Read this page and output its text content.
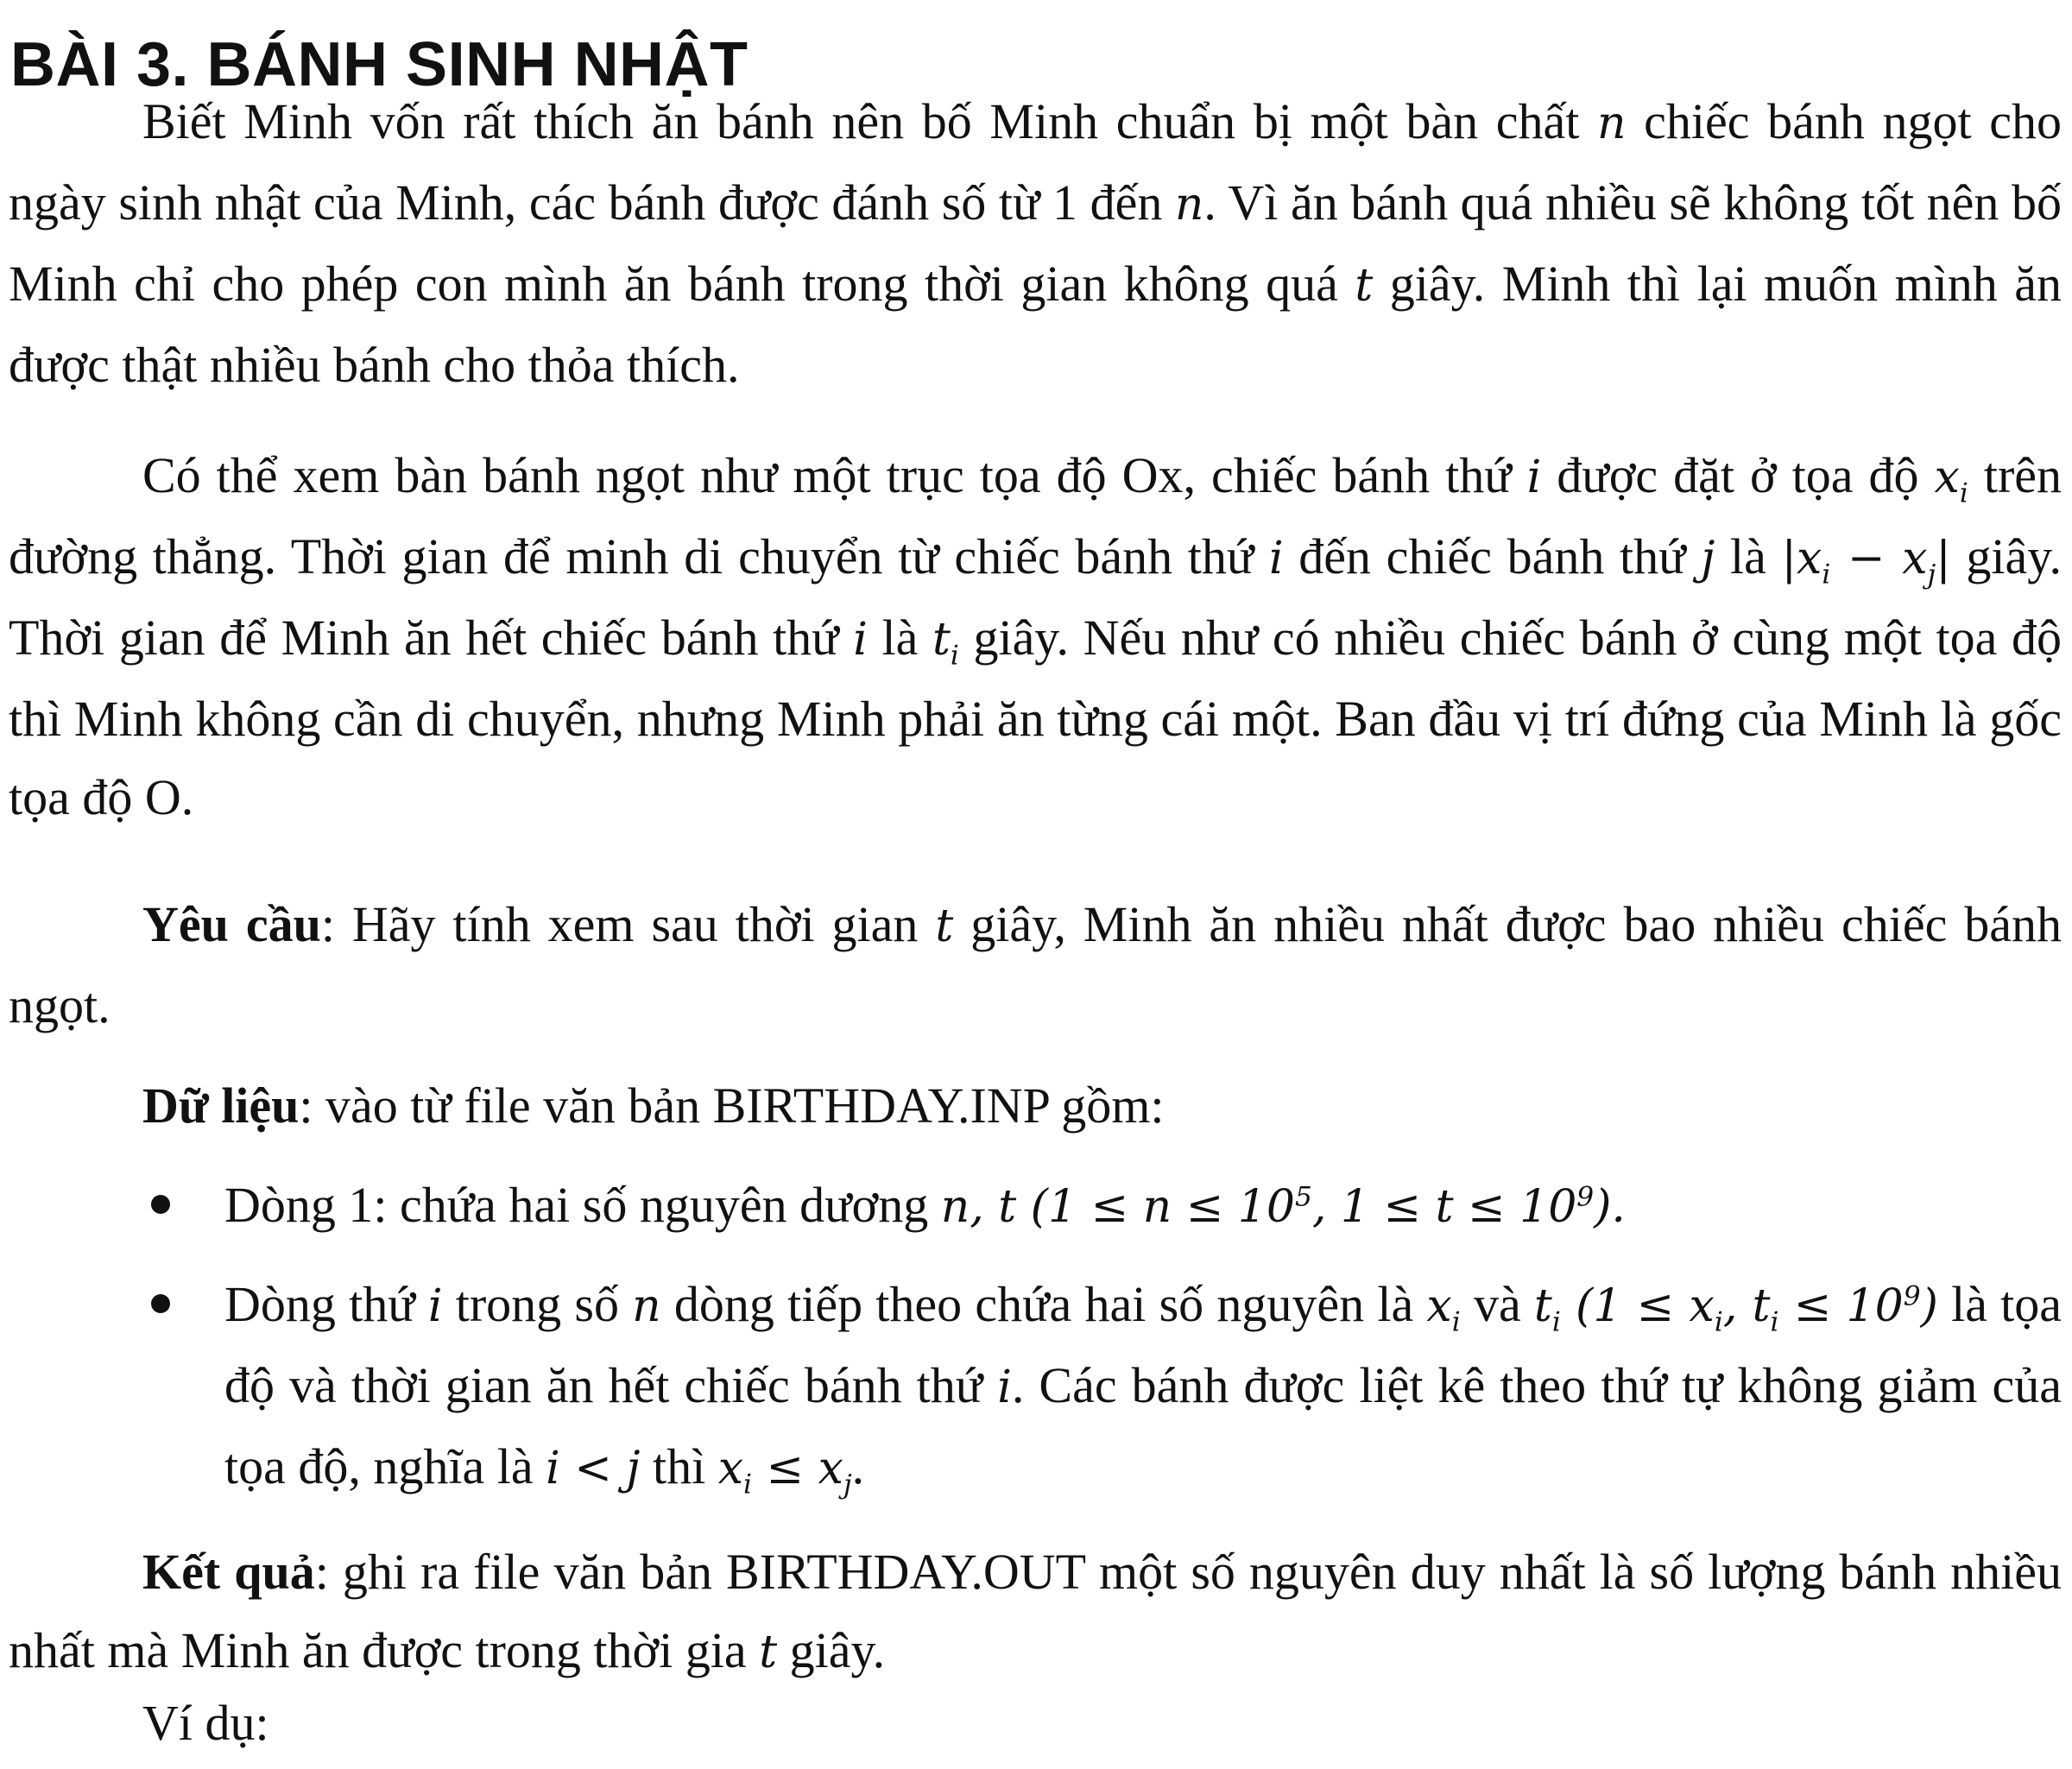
BÀI 3. BÁNH SINH NHẬT

Biết Minh vốn rất thích ăn bánh nên bố Minh chuẩn bị một bàn chất n chiếc bánh ngọt cho ngày sinh nhật của Minh, các bánh được đánh số từ 1 đến n. Vì ăn bánh quá nhiều sẽ không tốt nên bố Minh chỉ cho phép con mình ăn bánh trong thời gian không quá t giây. Minh thì lại muốn mình ăn được thật nhiều bánh cho thỏa thích.

Có thể xem bàn bánh ngọt như một trục tọa độ Ox, chiếc bánh thứ i được đặt ở tọa độ $x_i$ trên đường thẳng. Thời gian để minh di chuyển từ chiếc bánh thứ i đến chiếc bánh thứ j là $|x_i - x_j|$ giây. Thời gian để Minh ăn hết chiếc bánh thứ i là $t_i$ giây. Nếu như có nhiều chiếc bánh ở cùng một tọa độ thì Minh không cần di chuyển, nhưng Minh phải ăn từng cái một. Ban đầu vị trí đứng của Minh là gốc tọa độ O.

Yêu cầu: Hãy tính xem sau thời gian t giây, Minh ăn nhiều nhất được bao nhiều chiếc bánh ngọt.

Dữ liệu: vào từ file văn bản BIRTHDAY.INP gồm:

Dòng 1: chứa hai số nguyên dương n, t ($1 \le n \le 10^5$, $1 \le t \le 10^9$).

Dòng thứ i trong số n dòng tiếp theo chứa hai số nguyên là $x_i$ và $t_i$ ($1 \le x_i$, $t_i \le 10^9$) là tọa độ và thời gian ăn hết chiếc bánh thứ i. Các bánh được liệt kê theo thứ tự không giảm của tọa độ, nghĩa là i < j thì $x_i \le x_j$.

Kết quả: ghi ra file văn bản BIRTHDAY.OUT một số nguyên duy nhất là số lượng bánh nhiều nhất mà Minh ăn được trong thời gia t giây.

Ví dụ:
